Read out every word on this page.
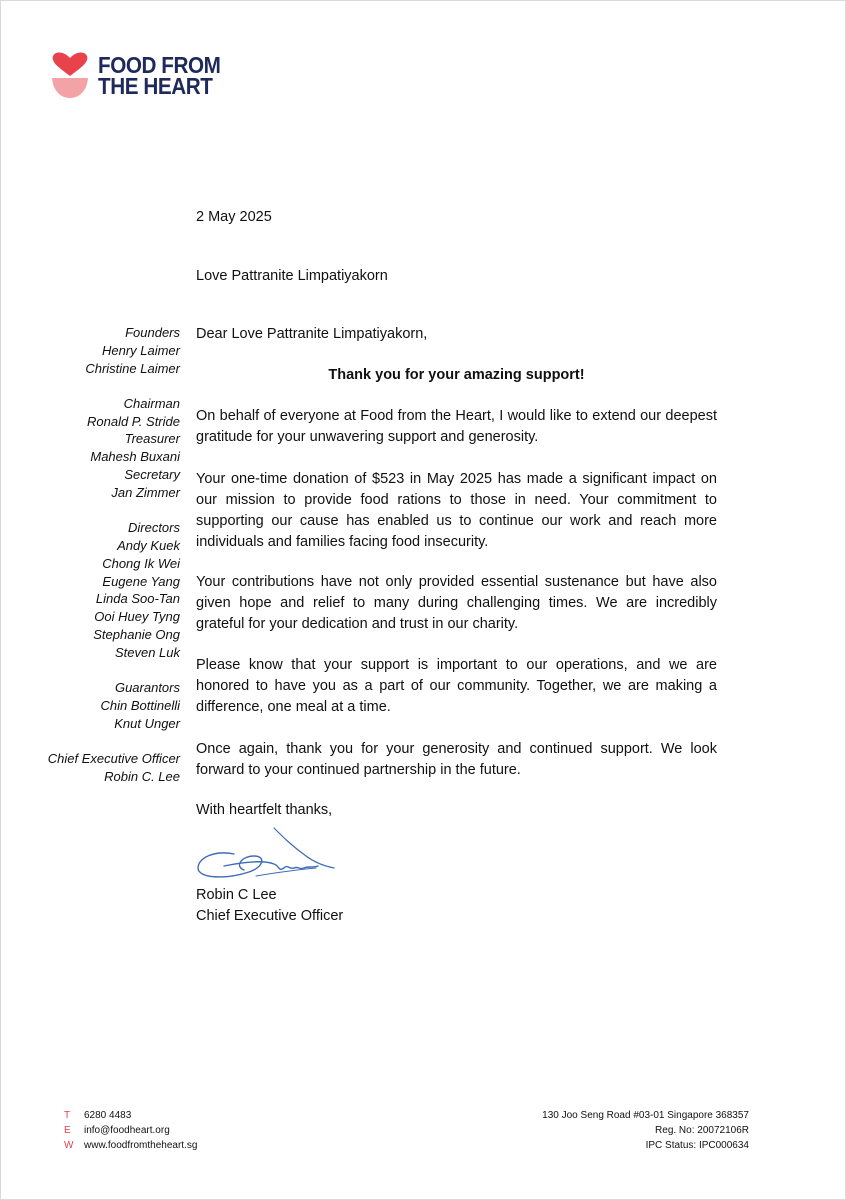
FOOD FROM
THE HEART
Founders
Henry Laimer
Christine Laimer
Chairman
Ronald P. Stride
Treasurer
Mahesh Buxani
Secretary
Jan Zimmer
Directors
Andy Kuek
Chong Ik Wei
Eugene Yang
Linda Soo-Tan
Ooi Huey Tyng
Stephanie Ong
Steven Luk
Guarantors
Chin Bottinelli
Knut Unger
Chief Executive Officer
Robin C. Lee
2 May 2025
Love Pattranite Limpatiyakorn
Dear Love Pattranite Limpatiyakorn,
Thank you for your amazing support!
On behalf of everyone at Food from the Heart, I would like to extend our deepest gratitude for your unwavering support and generosity.
Your one-time donation of $523 in May 2025 has made a significant impact on our mission to provide food rations to those in need. Your commitment to supporting our cause has enabled us to continue our work and reach more individuals and families facing food insecurity.
Your contributions have not only provided essential sustenance but have also given hope and relief to many during challenging times. We are incredibly grateful for your dedication and trust in our charity.
Please know that your support is important to our operations, and we are honored to have you as a part of our community. Together, we are making a difference, one meal at a time.
Once again, thank you for your generosity and continued support. We look forward to your continued partnership in the future.
With heartfelt thanks,
Robin C Lee
Chief Executive Officer
T	6280 4483
E	info@foodheart.org
W	www.foodfromtheheart.sg
130 Joo Seng Road #03-01 Singapore 368357
Reg. No: 20072106R
IPC Status: IPC000634
